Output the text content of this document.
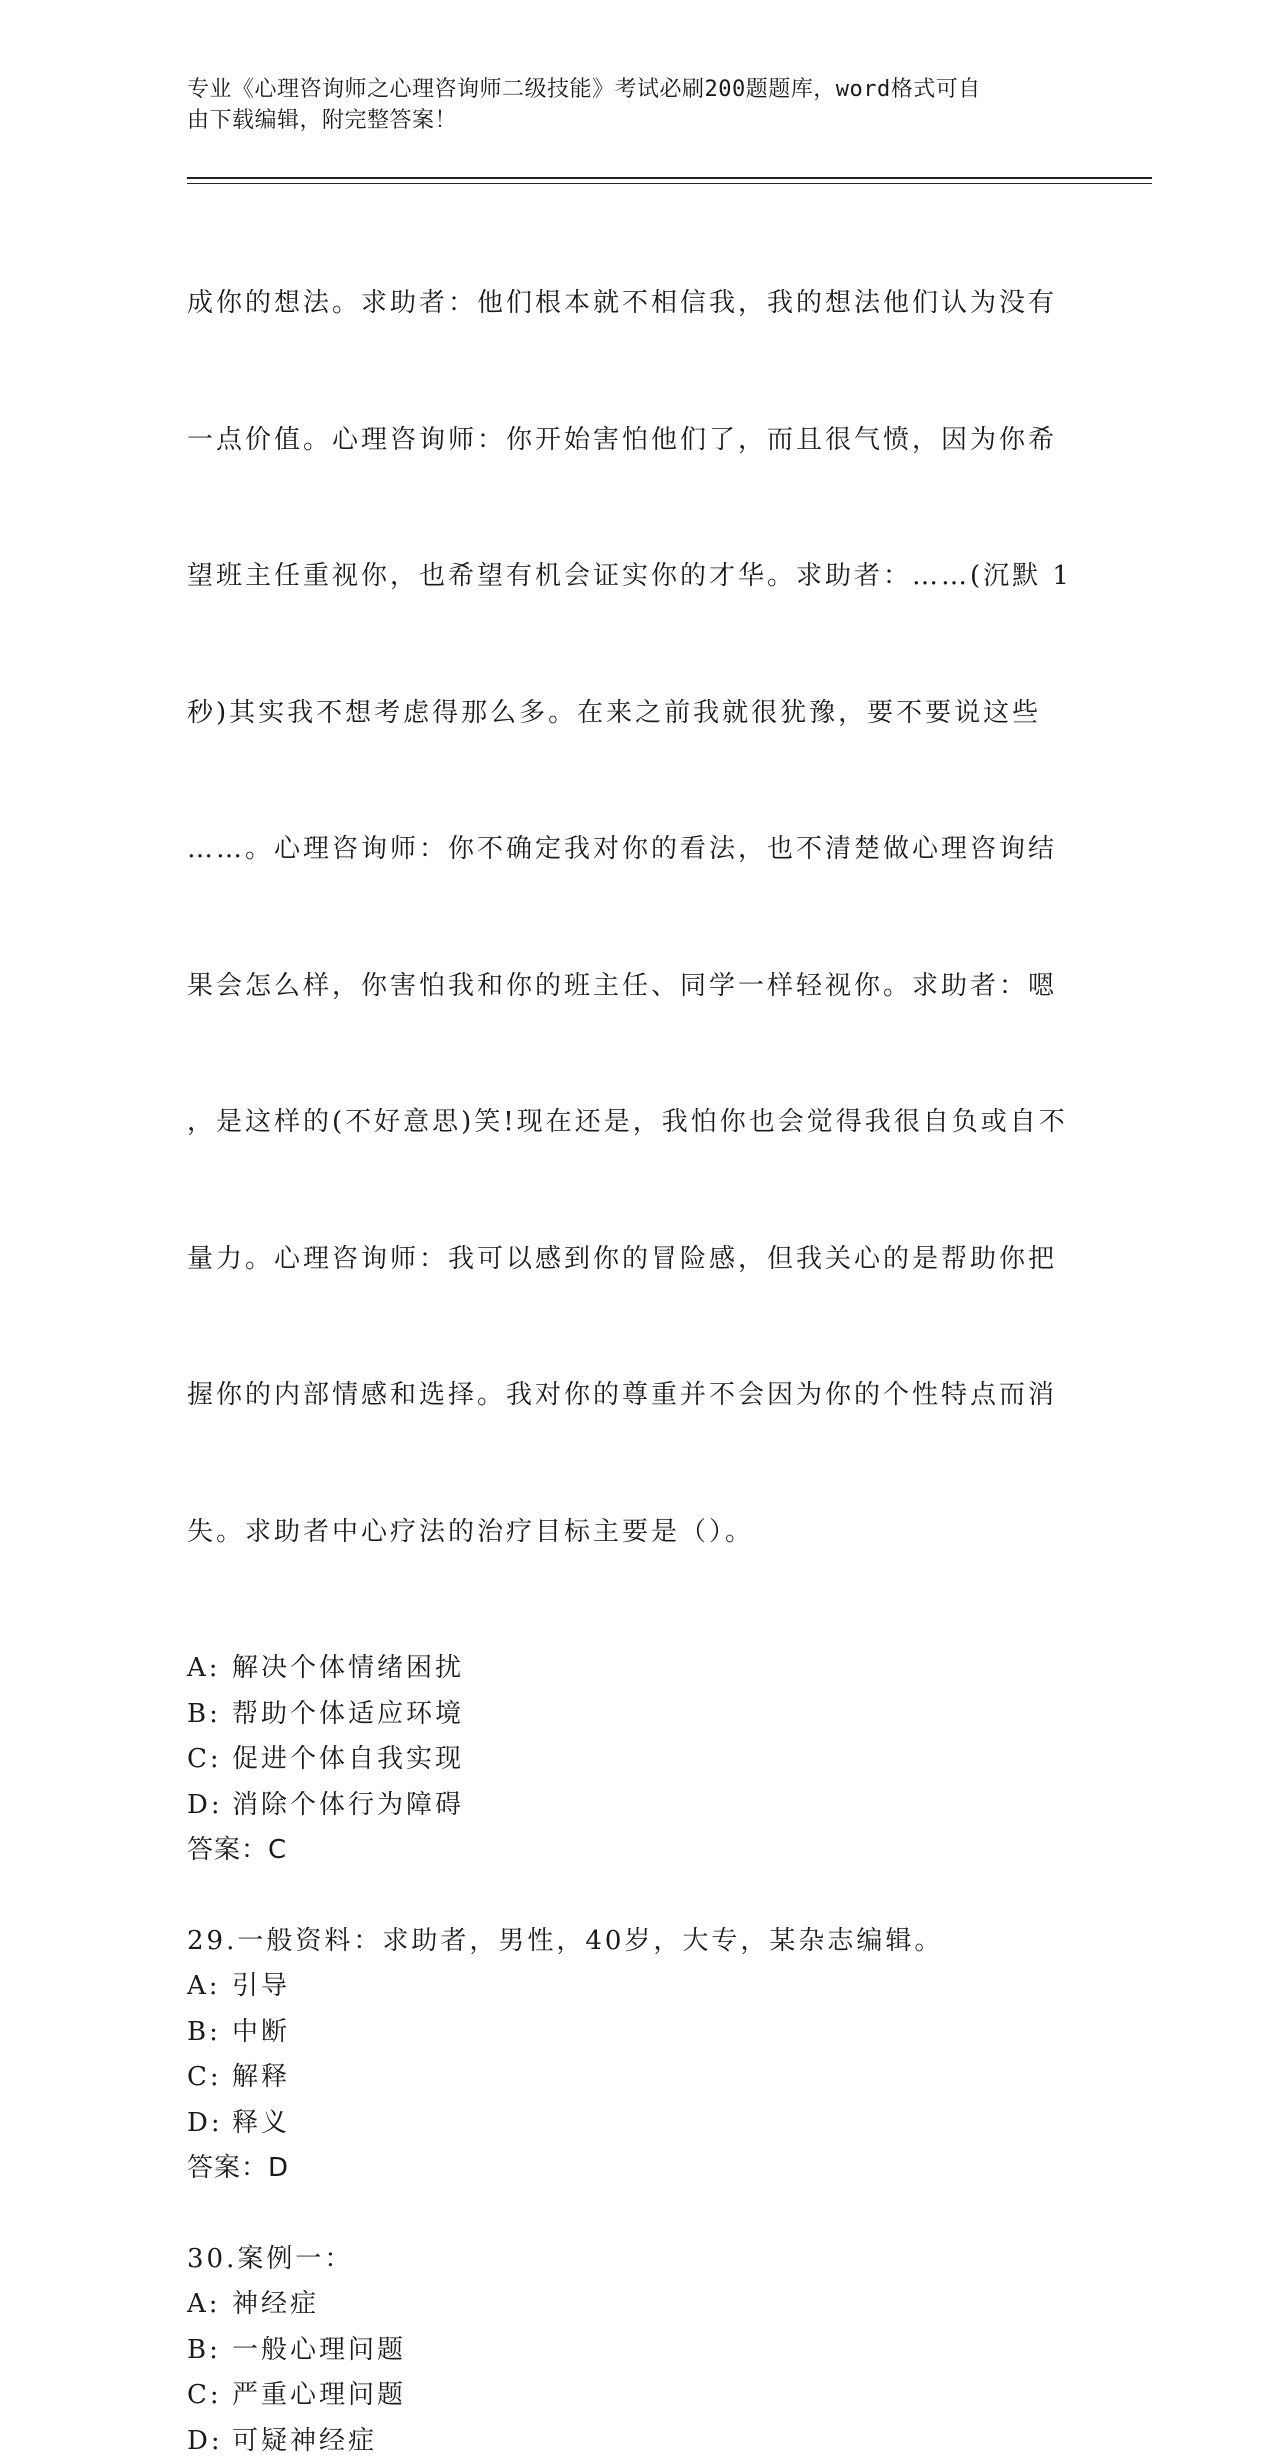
专业《心理咨询师之心理咨询师二级技能》考试必刷200题题库，word格式可自
由下载编辑，附完整答案！

成你的想法。求助者：他们根本就不相信我，我的想法他们认为没有

一点价值。心理咨询师：你开始害怕他们了，而且很气愤，因为你希

望班主任重视你，也希望有机会证实你的才华。求助者：……(沉默 1

秒)其实我不想考虑得那么多。在来之前我就很犹豫，要不要说这些

……。心理咨询师：你不确定我对你的看法，也不清楚做心理咨询结

果会怎么样，你害怕我和你的班主任、同学一样轻视你。求助者：嗯

，是这样的(不好意思)笑!现在还是，我怕你也会觉得我很自负或自不

量力。心理咨询师：我可以感到你的冒险感，但我关心的是帮助你把

握你的内部情感和选择。我对你的尊重并不会因为你的个性特点而消

失。求助者中心疗法的治疗目标主要是（）。

A: 解决个体情绪困扰
B: 帮助个体适应环境
C: 促进个体自我实现
D: 消除个体行为障碍
答案：C
29.一般资料：求助者，男性，40岁，大专，某杂志编辑。
A: 引导
B: 中断
C: 解释
D: 释义
答案：D
30.案例一：
A: 神经症
B: 一般心理问题
C: 严重心理问题
D: 可疑神经症
